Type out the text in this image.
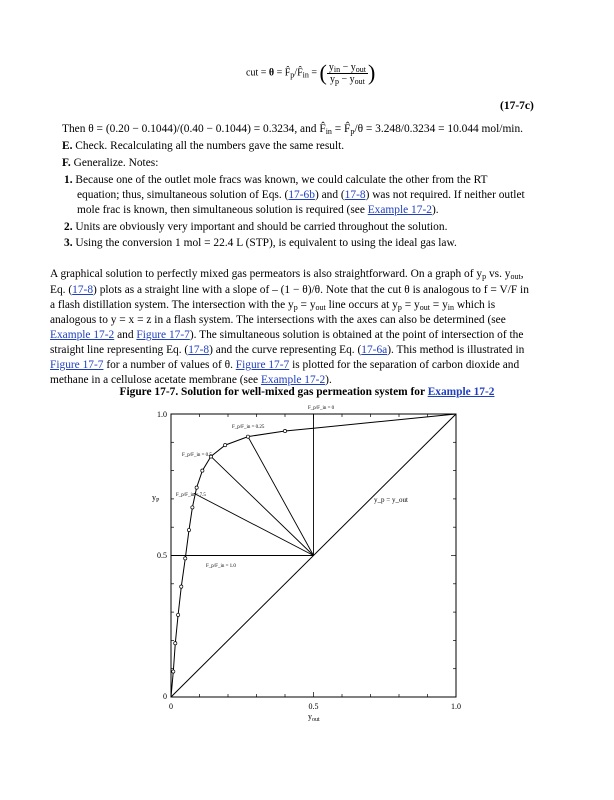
cut = $\theta = F̂_p/F̂_{in}$ = ( $\frac{y_{in} - y_{out}}{y_p - y_{out}}$ )
(17-7c)
Then θ = (0.20 − 0.1044)/(0.40 − 0.1044) = 0.3234, and $F̂_{in}$ = $F̂_p/\theta = 3.248/0.3234 = 10.044$ mol/min.
E. Check. Recalculating all the numbers gave the same result.
F. Generalize. Notes:
1. Because one of the outlet mole fracs was known, we could calculate the other from the RT
equation; thus, simultaneous solution of Eqs. (17-6b) and (17-8) was not required. If neither outlet
mole frac is known, then simultaneous solution is required (see Example 17-2).
2. Units are obviously very important and should be carried throughout the solution.
3. Using the conversion 1 mol = 22.4 L (STP), is equivalent to using the ideal gas law.
A graphical solution to perfectly mixed gas permeators is also straightforward. On a graph of $y_p$ vs. $y_{out}$,
Eq. (17-8) plots as a straight line with a slope of – (1 − θ)/θ. Note that the cut θ is analogous to f = V/F in
a flash distillation system. The intersection with the $y_p = y_{out}$ line occurs at $y_p = y_{out} = y_{in}$ which is
analogous to y = x = z in a flash system. The intersections with the axes can also be determined (see
Example 17-2 and Figure 17-7). The simultaneous solution is obtained at the point of intersection of the
straight line representing Eq. (17-8) and the curve representing Eq. (17-6a). This method is illustrated in
Figure 17-7 for a number of values of θ. Figure 17-7 is plotted for the separation of carbon dioxide and
methane in a cellulose acetate membrane (see Example 17-2).
Figure 17-7. Solution for well-mixed gas permeation system for Example 17-2
0	0.5	1.0
0
0.5
1.0
$y_{out}$
$y_P$
F_p/F_in = 0
F_p/F_in = 0.25
F_p/F_in = 0.5
F_p/F_in = 7.5
F_p/F_in = 1.0
y_p = y_out
